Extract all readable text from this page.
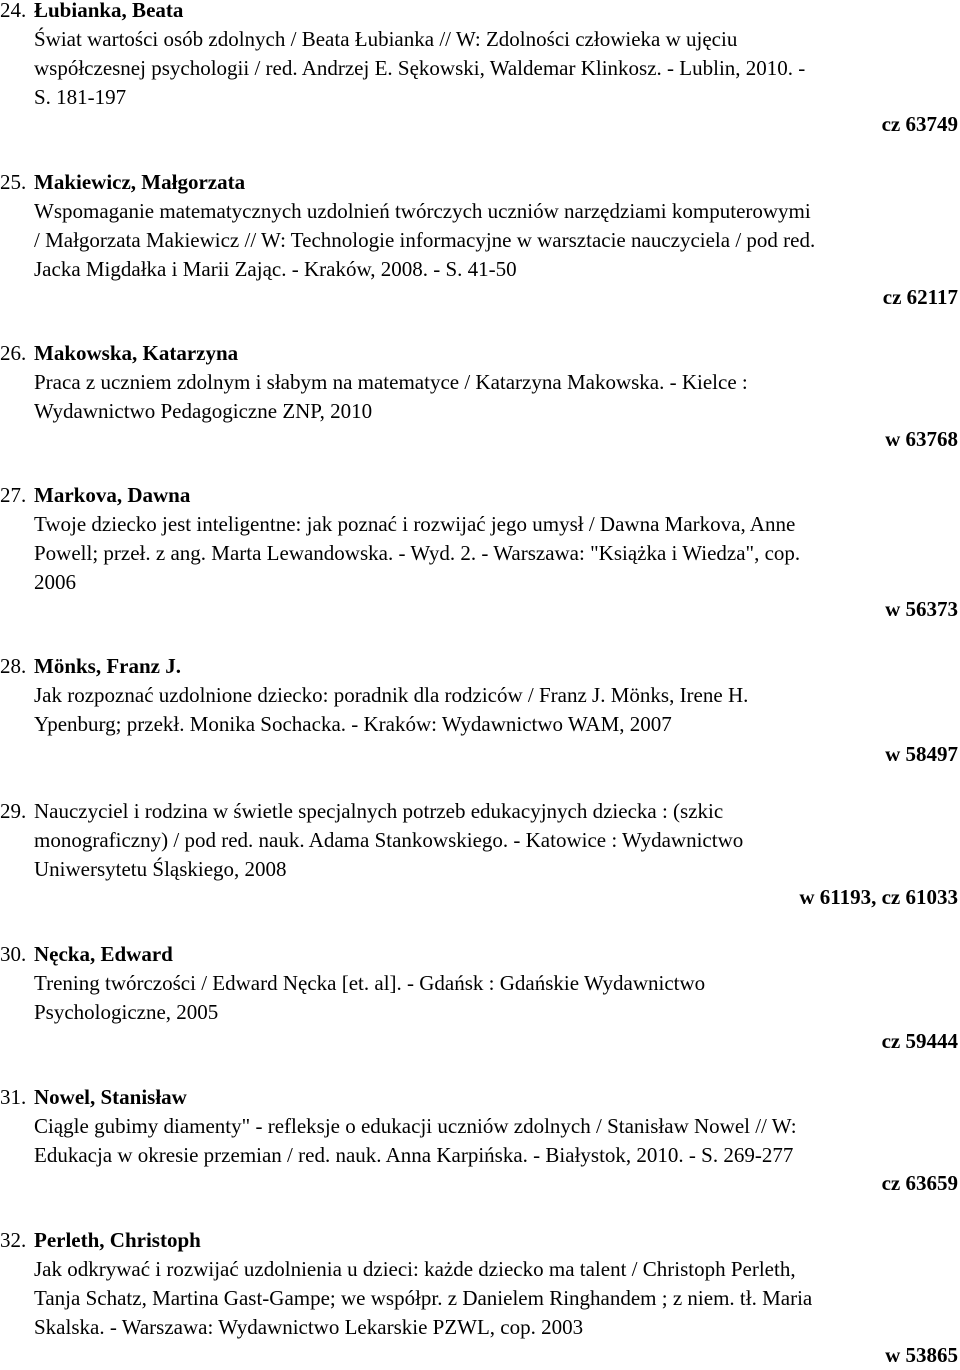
24. Łubianka, Beata
Świat wartości osób zdolnych / Beata Łubianka // W: Zdolności człowieka w ujęciu
współczesnej psychologii / red. Andrzej E. Sękowski, Waldemar Klinkosz. - Lublin, 2010. -
S. 181-197
cz 63749
25. Makiewicz, Małgorzata
Wspomaganie matematycznych uzdolnień twórczych uczniów narzędziami komputerowymi
/ Małgorzata Makiewicz // W: Technologie informacyjne w warsztacie nauczyciela / pod red.
Jacka Migdałka i Marii Zając. - Kraków, 2008. - S. 41-50
cz 62117
26. Makowska, Katarzyna
Praca z uczniem zdolnym i słabym na matematyce / Katarzyna Makowska. - Kielce :
Wydawnictwo Pedagogiczne ZNP, 2010
w 63768
27. Markova, Dawna
Twoje dziecko jest inteligentne: jak poznać i rozwijać jego umysł / Dawna Markova, Anne
Powell; przeł. z ang. Marta Lewandowska. - Wyd. 2. - Warszawa: "Książka i Wiedza", cop.
2006
w 56373
28. Mönks, Franz J.
Jak rozpoznać uzdolnione dziecko: poradnik dla rodziców / Franz J. Mönks, Irene H.
Ypenburg; przekł. Monika Sochacka. - Kraków: Wydawnictwo WAM, 2007
w 58497
29. Nauczyciel i rodzina w świetle specjalnych potrzeb edukacyjnych dziecka : (szkic
monograficzny) / pod red. nauk. Adama Stankowskiego. - Katowice : Wydawnictwo
Uniwersytetu Śląskiego, 2008
w 61193, cz 61033
30. Nęcka, Edward
Trening twórczości / Edward Nęcka [et. al]. - Gdańsk : Gdańskie Wydawnictwo
Psychologiczne, 2005
cz 59444
31. Nowel, Stanisław
Ciągle gubimy diamenty" - refleksje o edukacji uczniów zdolnych / Stanisław Nowel // W:
Edukacja w okresie przemian / red. nauk. Anna Karpińska. - Białystok, 2010. - S. 269-277
cz 63659
32. Perleth, Christoph
Jak odkrywać i rozwijać uzdolnienia u dzieci: każde dziecko ma talent / Christoph Perleth,
Tanja Schatz, Martina Gast-Gampe; we współpr. z Danielem Ringhandem ; z niem. tł. Maria
Skalska. - Warszawa: Wydawnictwo Lekarskie PZWL, cop. 2003
w 53865
